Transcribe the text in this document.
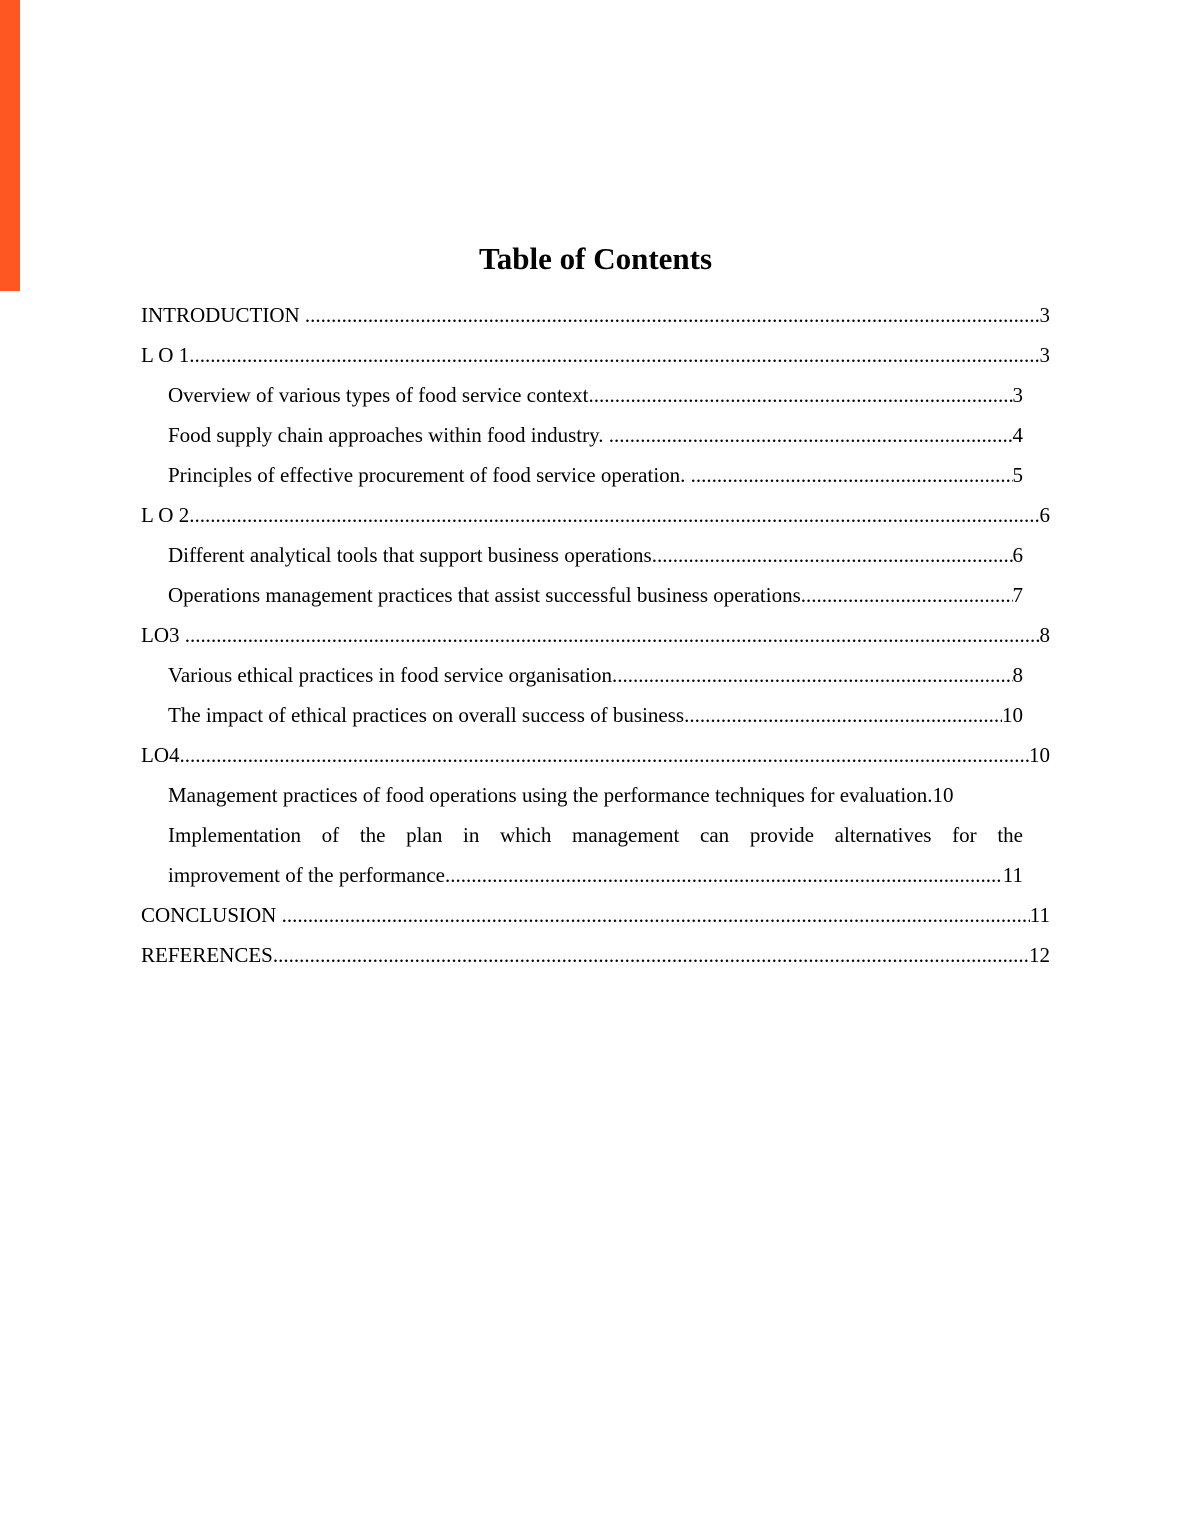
Table of Contents
INTRODUCTION .....	3
L O 1 .....	3
Overview of various types of food service context .....	3
Food supply chain approaches within food industry. .....	4
Principles of effective procurement of food service operation. .....	5
L O 2 .....	6
Different analytical tools that support business operations .....	6
Operations management practices that assist successful business operations .....	7
LO3 .....	8
Various ethical practices in food service organisation .....	8
The impact of ethical practices on overall success of business .....	10
LO4 .....	10
Management practices of food operations using the performance techniques for evaluation. 10
Implementation of the plan in which management can provide alternatives for the
improvement of the performance .....	11
CONCLUSION .....	11
REFERENCES .....	12
